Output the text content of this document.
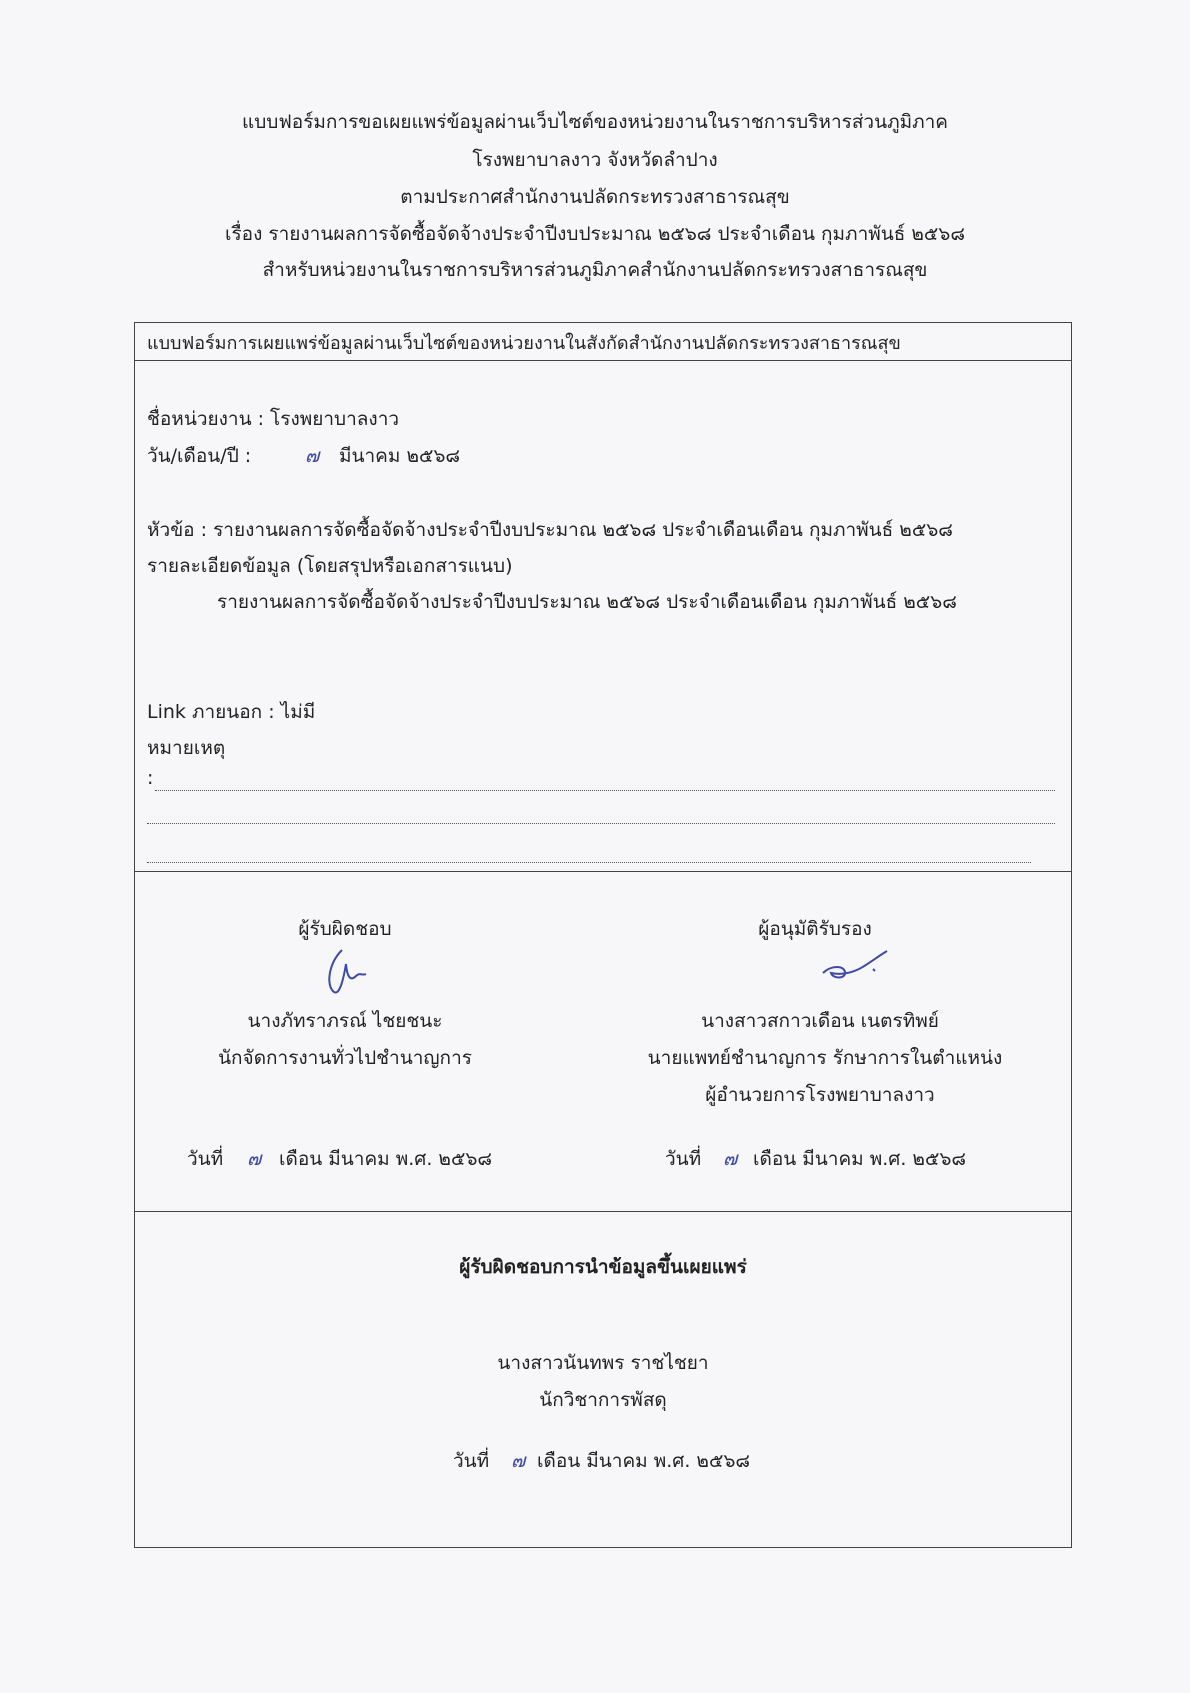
แบบฟอร์มการขอเผยแพร่ข้อมูลผ่านเว็บไซต์ของหน่วยงานในราชการบริหารส่วนภูมิภาค
โรงพยาบาลงาว จังหวัดลำปาง
ตามประกาศสำนักงานปลัดกระทรวงสาธารณสุข
เรื่อง รายงานผลการจัดซื้อจัดจ้างประจำปีงบประมาณ ๒๕๖๘ ประจำเดือน กุมภาพันธ์ ๒๕๖๘
สำหรับหน่วยงานในราชการบริหารส่วนภูมิภาคสำนักงานปลัดกระทรวงสาธารณสุข
แบบฟอร์มการเผยแพร่ข้อมูลผ่านเว็บไซต์ของหน่วยงานในสังกัดสำนักงานปลัดกระทรวงสาธารณสุข
ชื่อหน่วยงาน : โรงพยาบาลงาว
วัน/เดือน/ปี :	๗ มีนาคม ๒๕๖๘
หัวข้อ : รายงานผลการจัดซื้อจัดจ้างประจำปีงบประมาณ ๒๕๖๘ ประจำเดือนเดือน กุมภาพันธ์ ๒๕๖๘
รายละเอียดข้อมูล (โดยสรุปหรือเอกสารแนบ)
รายงานผลการจัดซื้อจัดจ้างประจำปีงบประมาณ ๒๕๖๘ ประจำเดือนเดือน กุมภาพันธ์ ๒๕๖๘
Link ภายนอก : ไม่มี
หมายเหตุ
:
ผู้รับผิดชอบ
นางภัทราภรณ์ ไชยชนะ
นักจัดการงานทั่วไปชำนาญการ
วันที่ ๗ เดือน มีนาคม พ.ศ. ๒๕๖๘
ผู้อนุมัติรับรอง
นางสาวสกาวเดือน เนตรทิพย์
นายแพทย์ชำนาญการ รักษาการในตำแหน่ง
ผู้อำนวยการโรงพยาบาลงาว
วันที่ ๗ เดือน มีนาคม พ.ศ. ๒๕๖๘
ผู้รับผิดชอบการนำข้อมูลขึ้นเผยแพร่
นางสาวนันทพร ราชไชยา
นักวิชาการพัสดุ
วันที่ ๗ เดือน มีนาคม พ.ศ. ๒๕๖๘
